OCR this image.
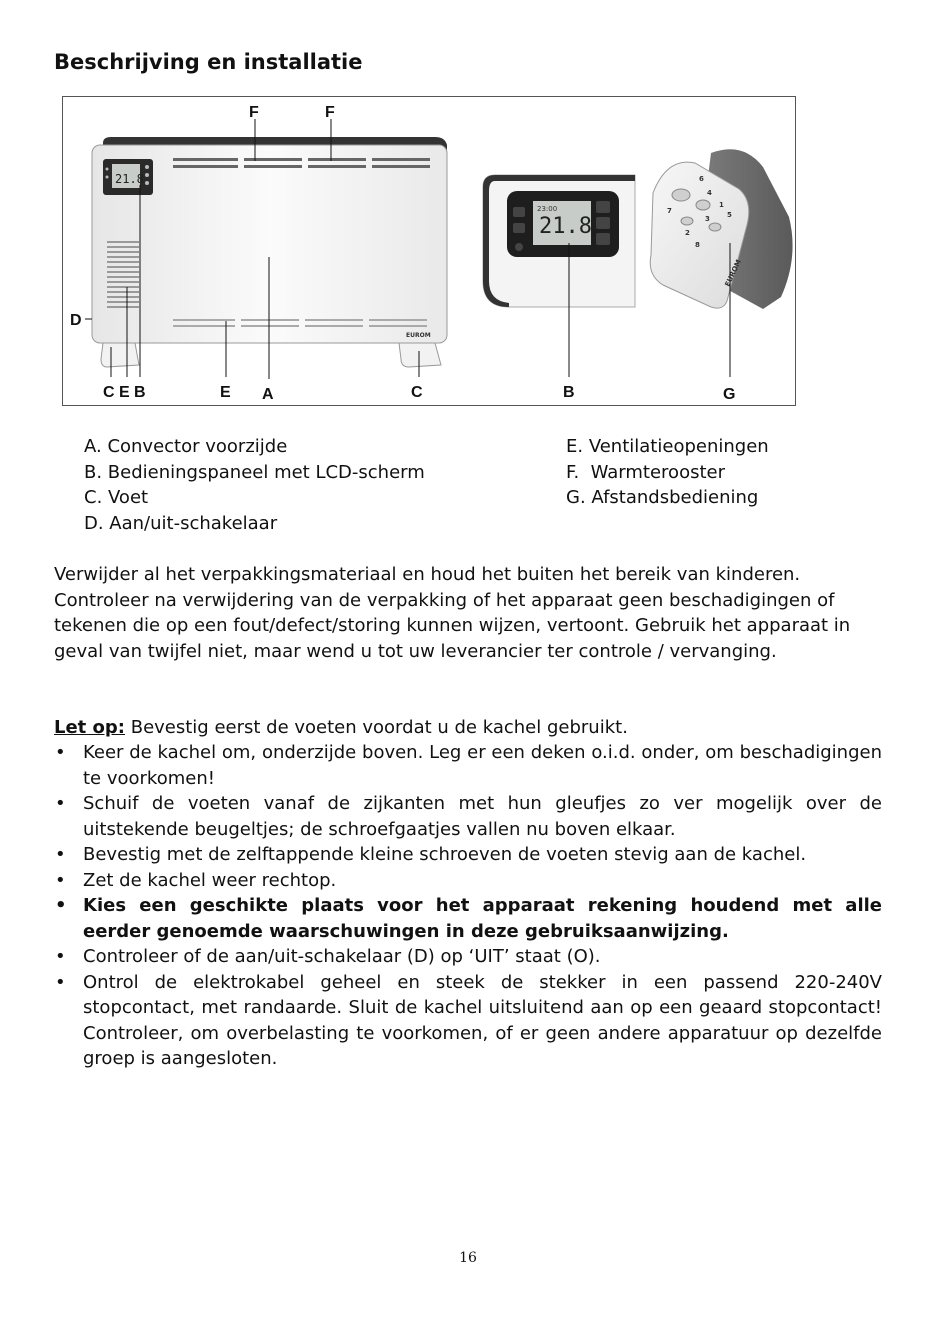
Beschrijving en installatie
21.8
EUROM
21.8
23:00
6
4
7
1
5
3
2
8
EUROM
F	F
D
C E B	E A	C	B	G
A. Convector voorzijde
B. Bedieningspaneel met LCD-scherm
C. Voet
D. Aan/uit-schakelaar
E. Ventilatieopeningen
F.  Warmterooster
G. Afstandsbediening

Verwijder al het verpakkingsmateriaal en houd het buiten het bereik van kinderen. Controleer na verwijdering van de verpakking of het apparaat geen beschadigingen of tekenen die op een fout/defect/storing kunnen wijzen, vertoont. Gebruik het apparaat in geval van twijfel niet, maar wend u tot uw leverancier ter controle / vervanging.

Let op: Bevestig eerst de voeten voordat u de kachel gebruikt.
• Keer de kachel om, onderzijde boven. Leg er een deken o.i.d. onder, om beschadigingen te voorkomen!
• Schuif de voeten vanaf de zijkanten met hun gleufjes zo ver mogelijk over de uitstekende beugeltjes; de schroefgaatjes vallen nu boven elkaar.
• Bevestig met de zelftappende kleine schroeven de voeten stevig aan de kachel.
• Zet de kachel weer rechtop.
• Kies een geschikte plaats voor het apparaat rekening houdend met alle eerder genoemde waarschuwingen in deze gebruiksaanwijzing.
• Controleer of de aan/uit-schakelaar (D) op ‘UIT’ staat (O).
• Ontrol de elektrokabel geheel en steek de stekker in een passend 220-240V stopcontact, met randaarde. Sluit de kachel uitsluitend aan op een geaard stopcontact! Controleer, om overbelasting te voorkomen, of er geen andere apparatuur op dezelfde groep is aangesloten.
16
